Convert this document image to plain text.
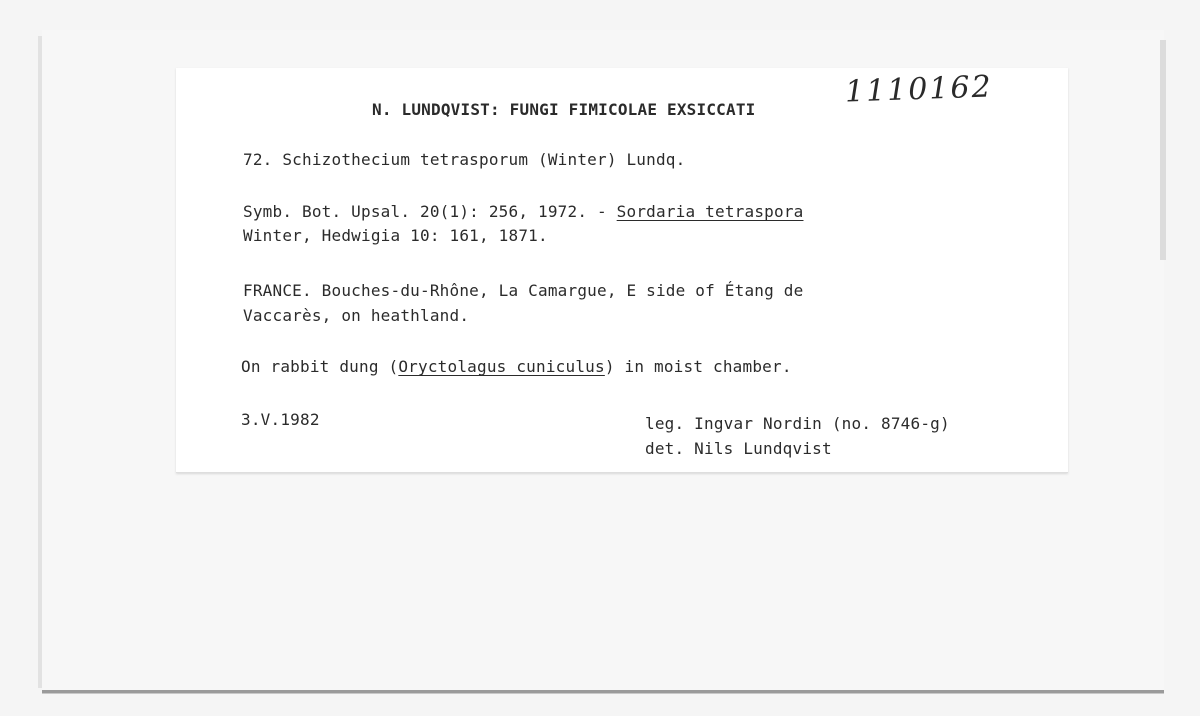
1110162
N. LUNDQVIST: FUNGI FIMICOLAE EXSICCATI
72. Schizothecium tetrasporum (Winter) Lundq.
Symb. Bot. Upsal. 20(1): 256, 1972. - Sordaria tetraspora
Winter, Hedwigia 10: 161, 1871.
FRANCE. Bouches-du-Rhône, La Camargue, E side of Étang de
Vaccarès, on heathland.
On rabbit dung (Oryctolagus cuniculus) in moist chamber.
3.V.1982	leg. Ingvar Nordin (no. 8746-g)
det. Nils Lundqvist
